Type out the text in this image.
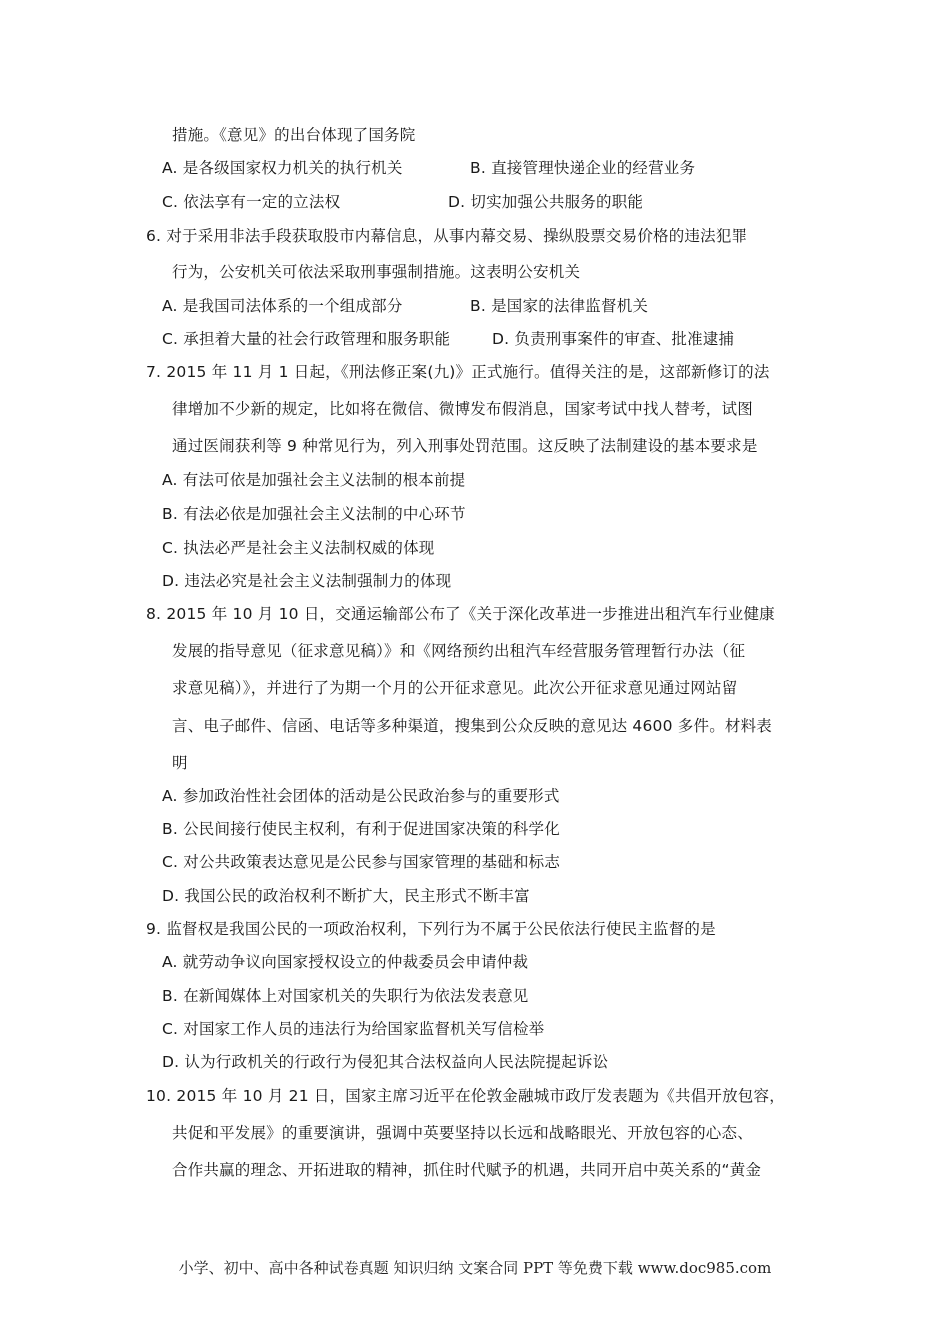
措施。《意见》的出台体现了国务院
A. 是各级国家权力机关的执行机关	B. 直接管理快递企业的经营业务
C. 依法享有一定的立法权	D. 切实加强公共服务的职能
6. 对于采用非法手段获取股市内幕信息，从事内幕交易、操纵股票交易价格的违法犯罪
行为，公安机关可依法采取刑事强制措施。这表明公安机关
A. 是我国司法体系的一个组成部分	B. 是国家的法律监督机关
C. 承担着大量的社会行政管理和服务职能	D. 负责刑事案件的审查、批准逮捕
7. 2015 年 11 月 1 日起，《刑法修正案(九)》正式施行。值得关注的是，这部新修订的法
律增加不少新的规定，比如将在微信、微博发布假消息，国家考试中找人替考，试图
通过医闹获利等 9 种常见行为，列入刑事处罚范围。这反映了法制建设的基本要求是
A. 有法可依是加强社会主义法制的根本前提
B. 有法必依是加强社会主义法制的中心环节
C. 执法必严是社会主义法制权威的体现
D. 违法必究是社会主义法制强制力的体现
8. 2015 年 10 月 10 日，交通运输部公布了《关于深化改革进一步推进出租汽车行业健康
发展的指导意见（征求意见稿）》和《网络预约出租汽车经营服务管理暂行办法（征
求意见稿）》，并进行了为期一个月的公开征求意见。此次公开征求意见通过网站留
言、电子邮件、信函、电话等多种渠道，搜集到公众反映的意见达 4600 多件。材料表
明
A. 参加政治性社会团体的活动是公民政治参与的重要形式
B. 公民间接行使民主权利，有利于促进国家决策的科学化
C. 对公共政策表达意见是公民参与国家管理的基础和标志
D. 我国公民的政治权利不断扩大，民主形式不断丰富
9. 监督权是我国公民的一项政治权利，下列行为不属于公民依法行使民主监督的是
A. 就劳动争议向国家授权设立的仲裁委员会申请仲裁
B. 在新闻媒体上对国家机关的失职行为依法发表意见
C. 对国家工作人员的违法行为给国家监督机关写信检举
D. 认为行政机关的行政行为侵犯其合法权益向人民法院提起诉讼
10. 2015 年 10 月 21 日，国家主席习近平在伦敦金融城市政厅发表题为《共倡开放包容，
共促和平发展》的重要演讲，强调中英要坚持以长远和战略眼光、开放包容的心态、
合作共赢的理念、开拓进取的精神，抓住时代赋予的机遇，共同开启中英关系的“黄金
小学、初中、高中各种试卷真题 知识归纳 文案合同 PPT 等免费下载 www.doc985.com
